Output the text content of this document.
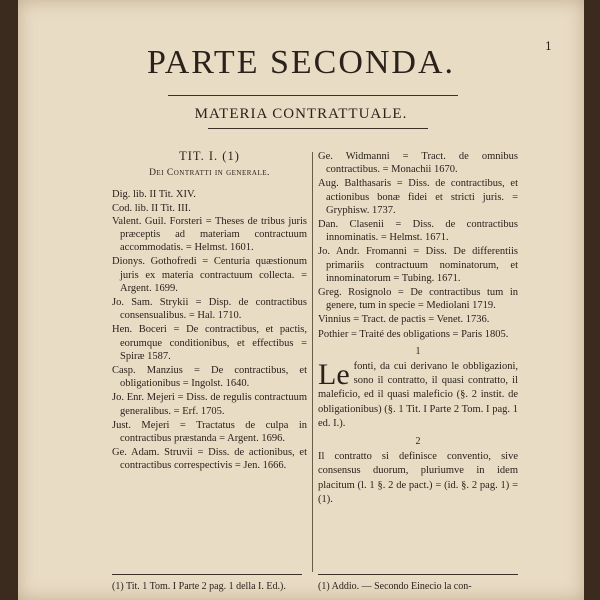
1
PARTE SECONDA.
MATERIA CONTRATTUALE.
TIT. I. (1)
Dei Contratti in generale.
Dig. lib. II Tit. XIV.
Cod. lib. II Tit. III.
Valent. Guil. Forsteri = Theses de tribus juris præceptis ad materiam contractuum accommodatis. = Helmst. 1601.
Dionys. Gothofredi = Centuria quæstionum juris ex materia contractuum collecta. = Argent. 1699.
Jo. Sam. Strykii = Disp. de contractibus consensualibus. = Hal. 1710.
Hen. Boceri = De contractibus, et pactis, eorumque conditionibus, et effectibus = Spiræ 1587.
Casp. Manzius = De contractibus, et obligationibus = Ingolst. 1640.
Jo. Enr. Mejeri = Diss. de regulis contractuum generalibus. = Erf. 1705.
Just. Mejeri = Tractatus de culpa in contractibus præstanda = Argent. 1696.
Ge. Adam. Struvii = Diss. de actionibus, et contractibus correspectivis = Jen. 1666.
Ge. Widmanni = Tract. de omnibus contractibus. = Monachii 1670.
Aug. Balthasaris = Diss. de contractibus, et actionibus bonæ fidei et stricti juris. = Gryphisw. 1737.
Dan. Clasenii = Diss. de contractibus innominatis. = Helmst. 1671.
Jo. Andr. Fromanni = Diss. De differentiis primariis contractuum nominatorum, et innominatorum = Tubing. 1671.
Greg. Rosignolo = De contractibus tum in genere, tum in specie = Mediolani 1719.
Vinnius = Tract. de pactis = Venet. 1736.
Pothier = Traité des obligations = Paris 1805.
1
Le fonti, da cui derivano le obbligazioni, sono il contratto, il quasi contratto, il maleficio, ed il quasi maleficio (§. 2 instit. de obligationibus) (§. 1 Tit. I Parte 2 Tom. I pag. 1 ed. I.).
2
Il contratto si definisce conventio, sive consensus duorum, pluriumve in idem placitum (l. 1 §. 2 de pact.) = (id. §. 2 pag. 1) = (1).
(1) Tit. 1 Tom. I Parte 2 pag. 1 della I. Ed.).	(1) Addio. — Secondo Einecio la con-
